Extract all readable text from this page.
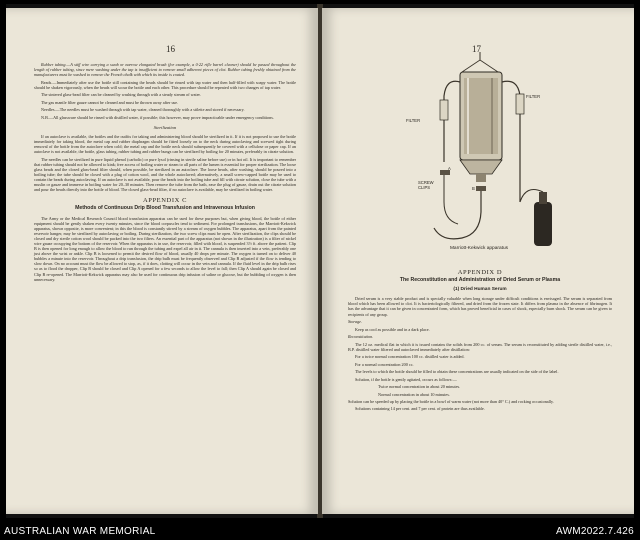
16

Rubber tubing.—A stiff wire carrying a swab or narrow elongated brush (for example, a 0·22 rifle barrel cleaner) should be passed throughout the length of rubber tubing, since mere washing under the tap is insufficient to remove small adherent pieces of clot. Rubber tubing freshly obtained from the manufacturers must be washed to remove the French chalk with which its inside is coated.

Beads.—Immediately after use the bottle still containing the beads should be rinsed with tap water and then half-filled with soapy water. The bottle should be shaken vigorously, when the beads will scour the bottle and each other. This procedure should be repeated with two changes of tap water.

The sintered glass-bead filter can be cleaned by washing through with a steady stream of water.

The gas mantle filter gauze cannot be cleaned and must be thrown away after use.

Needles.—The needles must be washed through with tap water, cleaned thoroughly with a stilette and stored if necessary.

N.B.—All glassware should be rinsed with distilled water, if possible; this however, may prove impracticable under emergency conditions.

Sterilization

If an autoclave is available, the bottles and the outfits for taking and administering blood should be sterilized in it. If it is not proposed to use the bottle immediately for taking blood, the metal cap and rubber diaphragm should be fitted loosely on to the neck during autoclaving and screwed tight during removal of the bottle from the autoclave when cold; the metal cap and the bottle neck should subsequently be covered with a cellulose or paper cap. If an autoclave is not available, the bottle, glass tubing, rubber tubing and rubber bungs can be sterilized by boiling for 20 minutes, preferably in citrate solution.

The needles can be sterilized in pure liquid phenol (carbolic) or pure lysol (rinsing in sterile saline before use) or in hot oil. It is important to remember that rubber tubing should not be allowed to kink; free access of boiling water or steam to all parts of the lumen is essential for proper sterilization. The loose glass beads and the closed glass-bead filter should, when possible, be sterilized in an autoclave. The loose beads, after washing, should be poured into a boiling tube; the tube should be closed with a plug of cotton wool, and the whole autoclaved; alternatively, a small screw-capped bottle may be used to contain the beads during autoclaving. If an autoclave is not available, pour the beads into the boiling tube and fill with citrate solution, close the tube with a muslin or gauze and immerse in boiling water for 20–30 minutes. Then remove the tube from the bath, ease the plug of gauze, drain out the citrate solution and pour the beads directly into the bottle of blood. The closed glass-bead filter, if no autoclave is available, may be sterilized in boiling water.

APPENDIX C
Methods of Continuous Drip Blood Transfusion and Intravenous Infusion

The Army or the Medical Research Council blood transfusion apparatus can be used for these purposes but, when giving blood, the bottle of either equipment should be gently shaken every twenty minutes, since the blood corpuscles tend to sediment. For prolonged transfusions, the Marriott-Kekwick apparatus, shown opposite, is more convenient; in this the blood is constantly stirred by a stream of oxygen bubbles. The apparatus, apart from the painted reservoir hanger, may be sterilized by autoclaving or boiling. During sterilization, the two screw clips must be open. After sterilization, the clips should be closed and dry sterile cotton wool should be packed into the two filters. An essential part of the apparatus (not shown in the illustration) is a filter of nickel wire gauze occupying the bottom of the reservoir. When the apparatus is in use, the reservoir, filled with blood, is suspended 3½ ft. above the patient. Clip B is then opened for long enough to allow the blood to run through the tubing and expel all air in it. The cannula is then inserted into a vein, preferably one just above the wrist or ankle. Clip B is loosened to permit the desired flow of blood, usually 40 drops per minute. The oxygen is turned on to deliver 40 bubbles a minute into the reservoir. Throughout a drip transfusion, the drip bulb must be frequently observed and Clip B adjusted if the flow is tending to slow down. On no account must the flow be allowed to stop, as, if it does, clotting will occur in the vein and cannula. If the fluid level in the drip bulb rises so as to flood the dropper, Clip B should be closed and Clip A opened for a few seconds to allow the level to fall; then Clip A should again be closed and Clip B re-opened. The Marriott-Kekwick apparatus may also be used for continuous drip infusion of saline or glucose, but the bubbling of oxygen is then unnecessary.

17
FILTER
FILTER
SCREW
CLIPS
A
B
Marriott-Kekwick apparatus
APPENDIX D
The Reconstitution and Administration of Dried Serum or Plasma
(1) Dried Human Serum

Dried serum is a very stable product and is specially valuable when long storage under difficult conditions is envisaged. The serum is separated from blood which has been allowed to clot. It is bacteriologically filtered, and dried from the frozen state. It differs from plasma in the absence of fibrinogen. It has the advantage that it can be given in concentrated form, which has proved beneficial in cases of shock, especially burn shock. The serum can be given to recipients of any group.

Storage.

Keep as cool as possible and in a dark place.

Reconstitution.

The 12 oz. medical flat in which it is issued contains the solids from 200 cc. of serum. The serum is reconstituted by adding sterile distilled water, i.e., B.P. distilled water filtered and autoclaved immediately after distillation:

For a twice normal concentration 100 cc. distilled water is added.

For a normal concentration 200 cc.

The levels to which the bottle should be filled to obtain these concentrations are usually indicated on the side of the label.

Solution, if the bottle is gently agitated, occurs as follows:—

Twice normal concentration in about 20 minutes.

Normal concentration in about 10 minutes.

Solution can be speeded up by placing the bottle in a bowl of warm water (not more than 40° C.) and rocking occasionally.

Solutions containing 14 per cent. and 7 per cent. of protein are thus available.

AUSTRALIAN WAR MEMORIAL	AWM2022.7.426
